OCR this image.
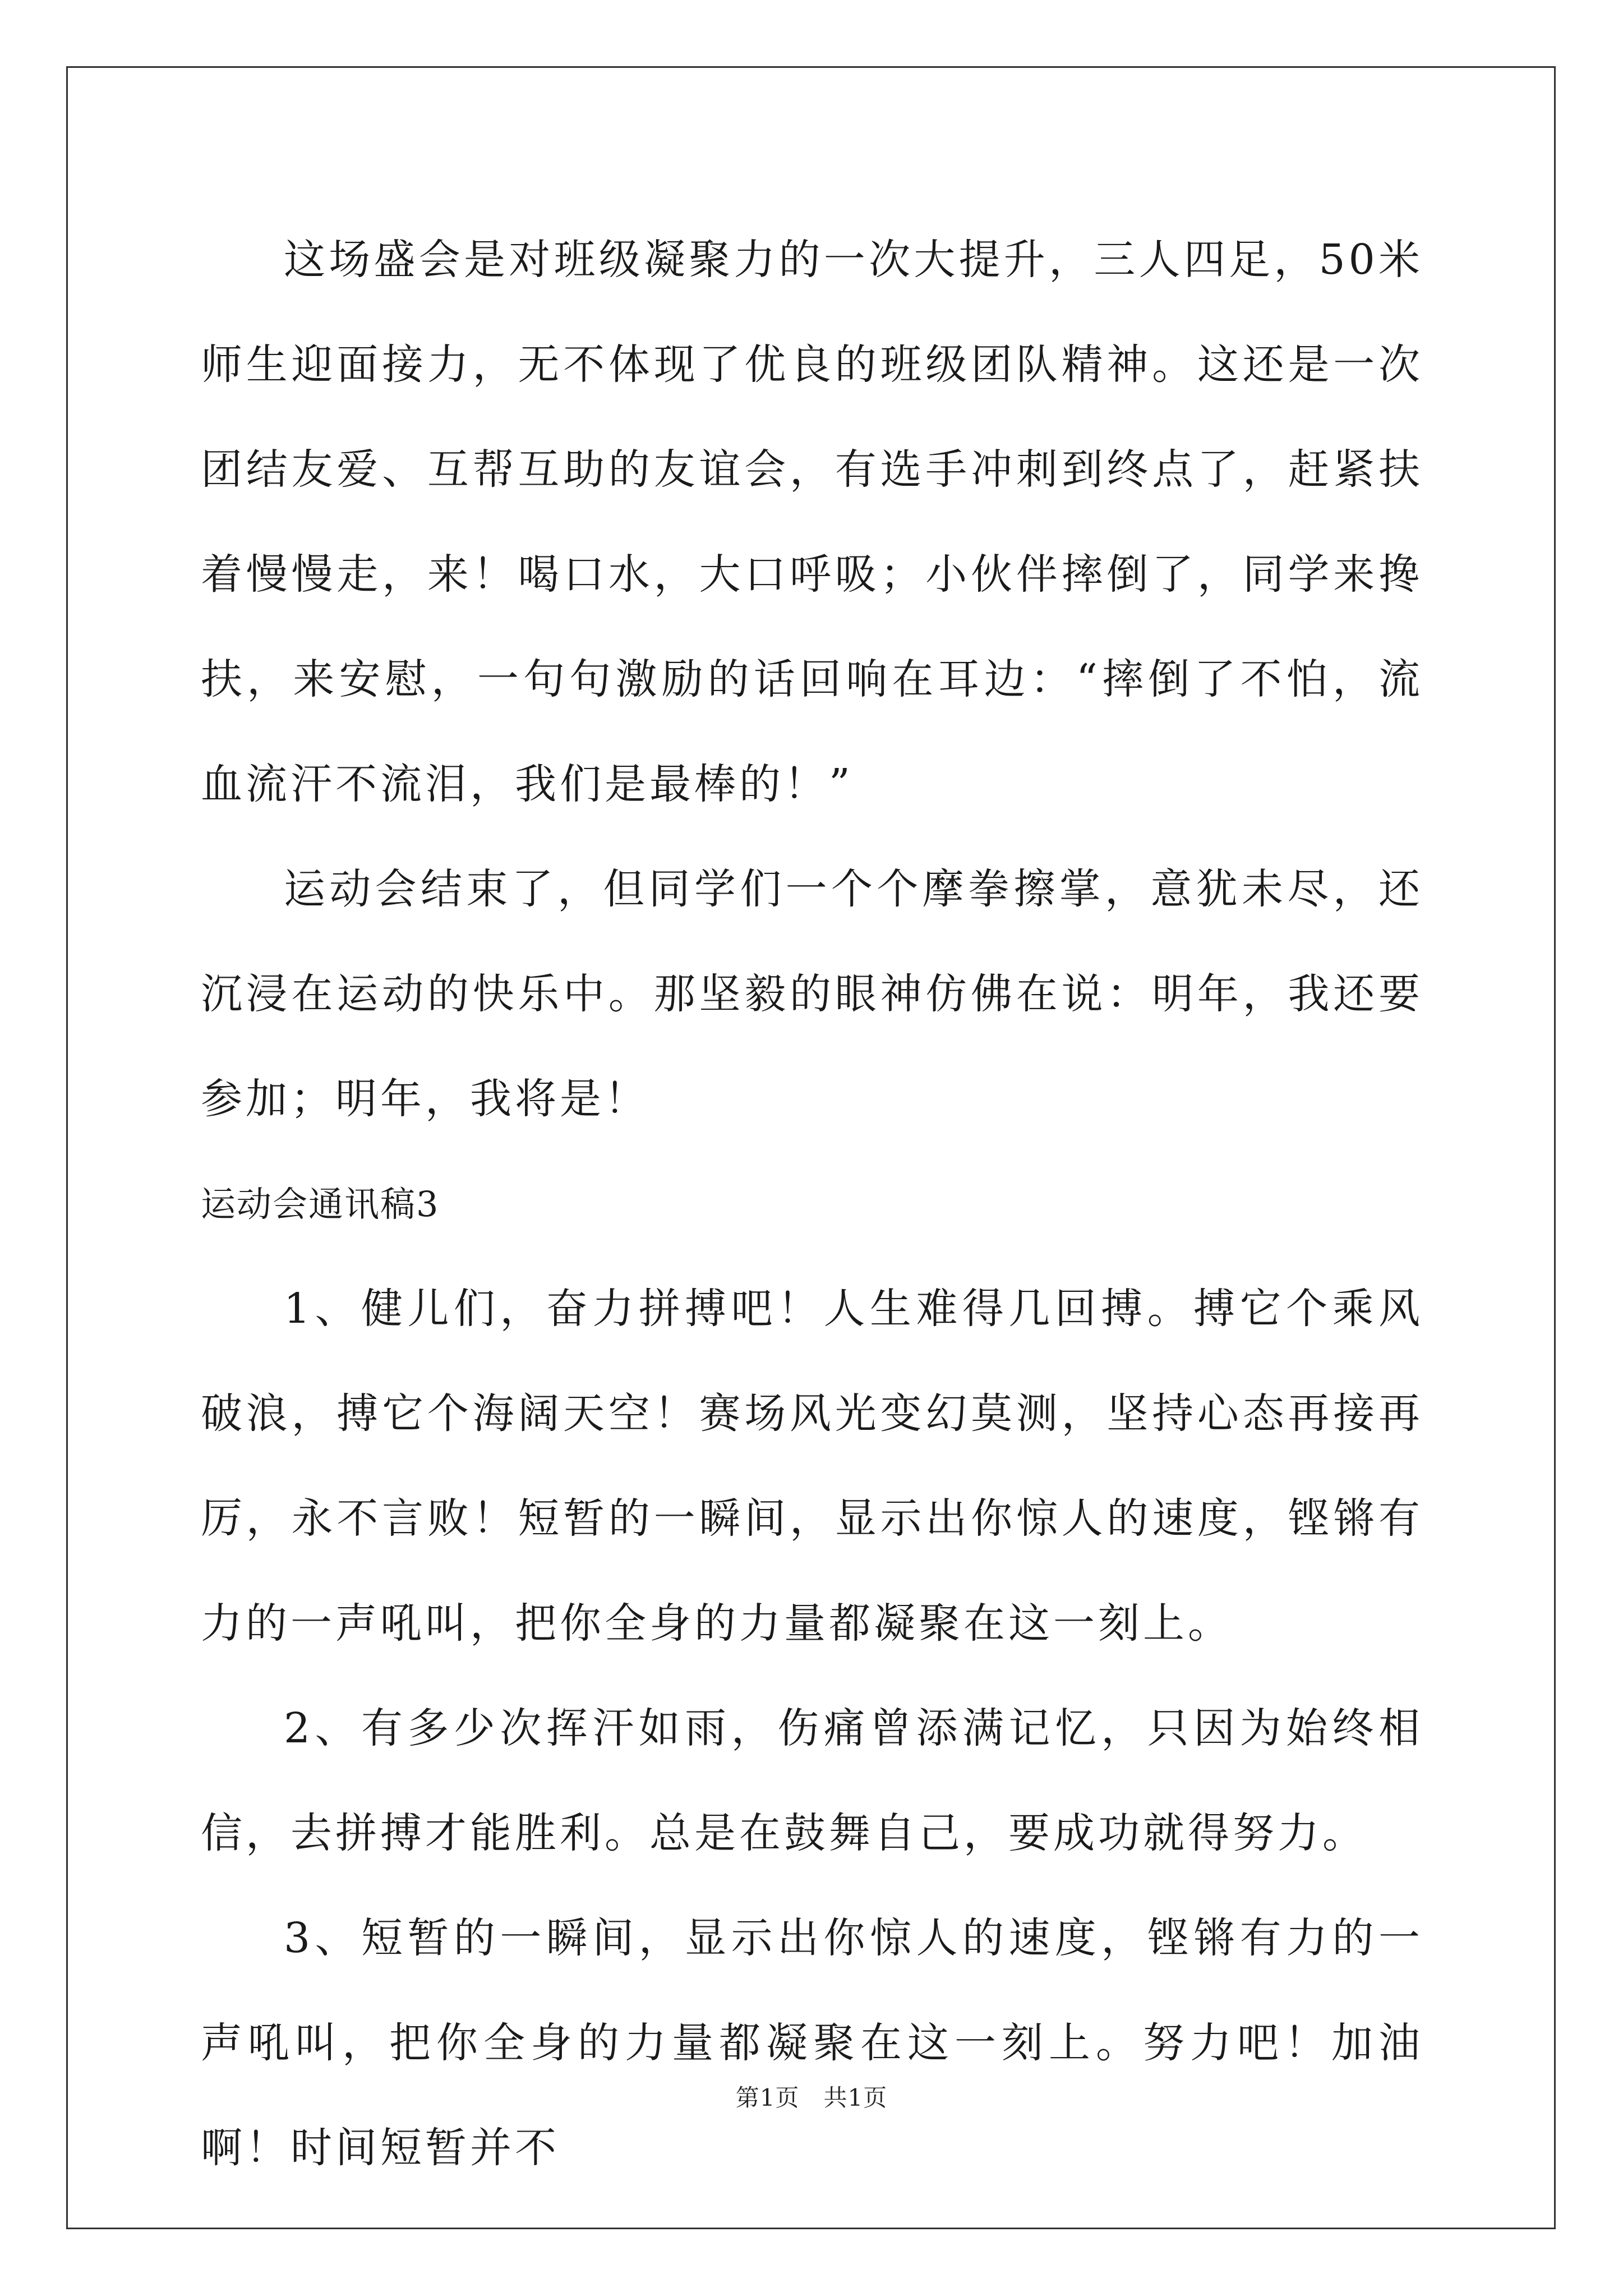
这场盛会是对班级凝聚力的一次大提升，三人四足，50米师生迎面接力，无不体现了优良的班级团队精神。这还是一次团结友爱、互帮互助的友谊会，有选手冲刺到终点了，赶紧扶着慢慢走，来！喝口水，大口呼吸；小伙伴摔倒了，同学来搀扶，来安慰，一句句激励的话回响在耳边：“摔倒了不怕，流血流汗不流泪，我们是最棒的！”

运动会结束了，但同学们一个个摩拳擦掌，意犹未尽，还沉浸在运动的快乐中。那坚毅的眼神仿佛在说：明年，我还要参加；明年，我将是！

运动会通讯稿3

1、健儿们，奋力拼搏吧！人生难得几回搏。搏它个乘风破浪，搏它个海阔天空！赛场风光变幻莫测，坚持心态再接再厉，永不言败！短暂的一瞬间，显示出你惊人的速度，铿锵有力的一声吼叫，把你全身的力量都凝聚在这一刻上。

2、有多少次挥汗如雨，伤痛曾添满记忆，只因为始终相信，去拼搏才能胜利。总是在鼓舞自己，要成功就得努力。

3、短暂的一瞬间，显示出你惊人的速度，铿锵有力的一声吼叫，把你全身的力量都凝聚在这一刻上。努力吧！加油啊！时间短暂并不

第1页　共1页
